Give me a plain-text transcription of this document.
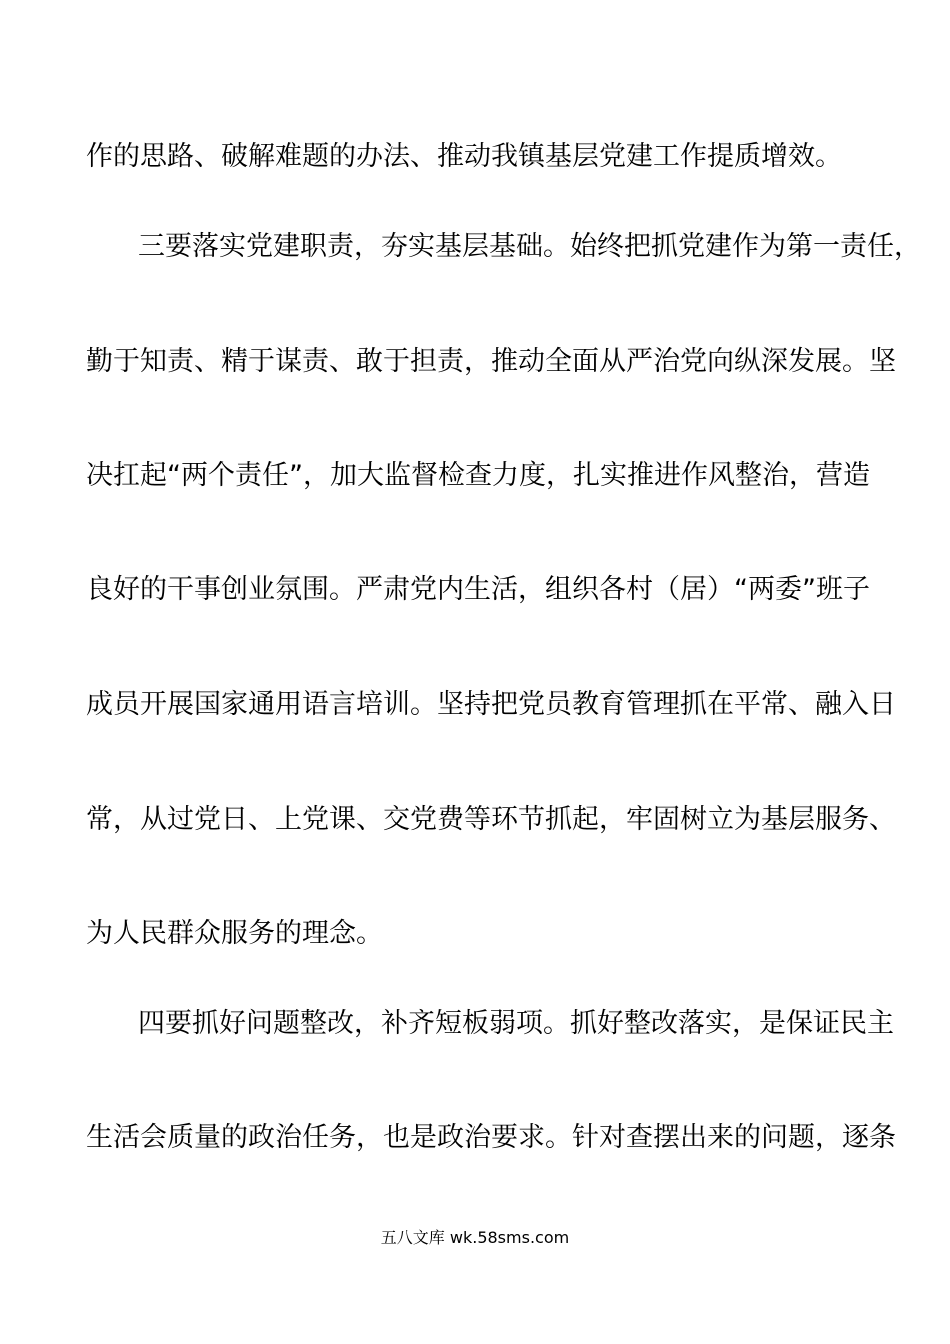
作的思路、破解难题的办法、推动我镇基层党建工作提质增效。
三要落实党建职责，夯实基层基础。始终把抓党建作为第一责任，
勤于知责、精于谋责、敢于担责，推动全面从严治党向纵深发展。坚
决扛起“两个责任”，加大监督检查力度，扎实推进作风整治，营造
良好的干事创业氛围。严肃党内生活，组织各村（居）“两委”班子
成员开展国家通用语言培训。坚持把党员教育管理抓在平常、融入日
常，从过党日、上党课、交党费等环节抓起，牢固树立为基层服务、
为人民群众服务的理念。
四要抓好问题整改，补齐短板弱项。抓好整改落实，是保证民主
生活会质量的政治任务，也是政治要求。针对查摆出来的问题，逐条
五八文库 wk.58sms.com
